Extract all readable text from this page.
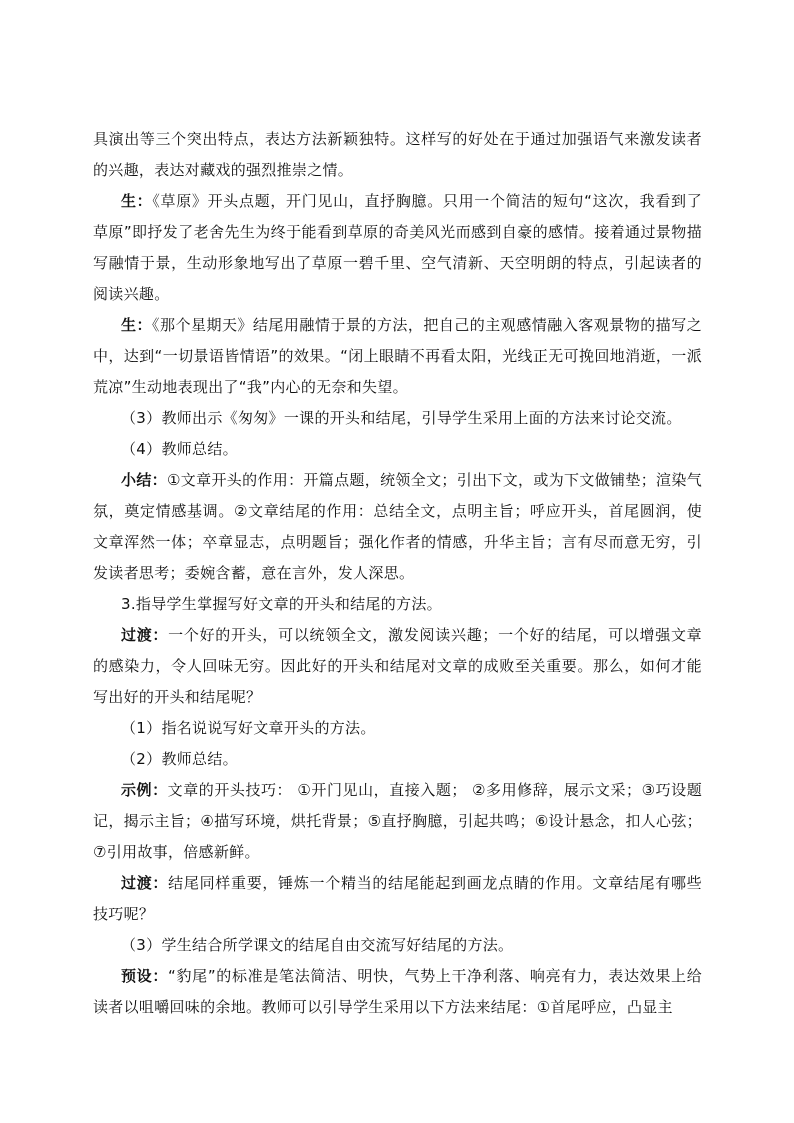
具演出等三个突出特点，表达方法新颖独特。这样写的好处在于通过加强语气来激发读者的兴趣，表达对藏戏的强烈推崇之情。

生：《草原》开头点题，开门见山，直抒胸臆。只用一个简洁的短句“这次，我看到了草原”即抒发了老舍先生为终于能看到草原的奇美风光而感到自豪的感情。接着通过景物描写融情于景，生动形象地写出了草原一碧千里、空气清新、天空明朗的特点，引起读者的阅读兴趣。

生：《那个星期天》结尾用融情于景的方法，把自己的主观感情融入客观景物的描写之中，达到“一切景语皆情语”的效果。“闭上眼睛不再看太阳，光线正无可挽回地消逝，一派荒凉”生动地表现出了“我”内心的无奈和失望。

（3）教师出示《匆匆》一课的开头和结尾，引导学生采用上面的方法来讨论交流。

（4）教师总结。

小结：①文章开头的作用：开篇点题，统领全文；引出下文，或为下文做铺垫；渲染气氛，奠定情感基调。②文章结尾的作用：总结全文，点明主旨；呼应开头，首尾圆润，使文章浑然一体；卒章显志，点明题旨；强化作者的情感，升华主旨；言有尽而意无穷，引发读者思考；委婉含蓄，意在言外，发人深思。

3.指导学生掌握写好文章的开头和结尾的方法。

过渡：一个好的开头，可以统领全文，激发阅读兴趣；一个好的结尾，可以增强文章的感染力，令人回味无穷。因此好的开头和结尾对文章的成败至关重要。那么，如何才能写出好的开头和结尾呢？

（1）指名说说写好文章开头的方法。

（2）教师总结。

示例：文章的开头技巧： ①开门见山，直接入题； ②多用修辞，展示文采；③巧设题记，揭示主旨；④描写环境，烘托背景；⑤直抒胸臆，引起共鸣；⑥设计悬念，扣人心弦；⑦引用故事，倍感新鲜。

过渡：结尾同样重要，锤炼一个精当的结尾能起到画龙点睛的作用。文章结尾有哪些技巧呢？

（3）学生结合所学课文的结尾自由交流写好结尾的方法。

预设：“豹尾”的标准是笔法简洁、明快，气势上干净利落、响亮有力，表达效果上给读者以咀嚼回味的余地。教师可以引导学生采用以下方法来结尾：①首尾呼应，凸显主
